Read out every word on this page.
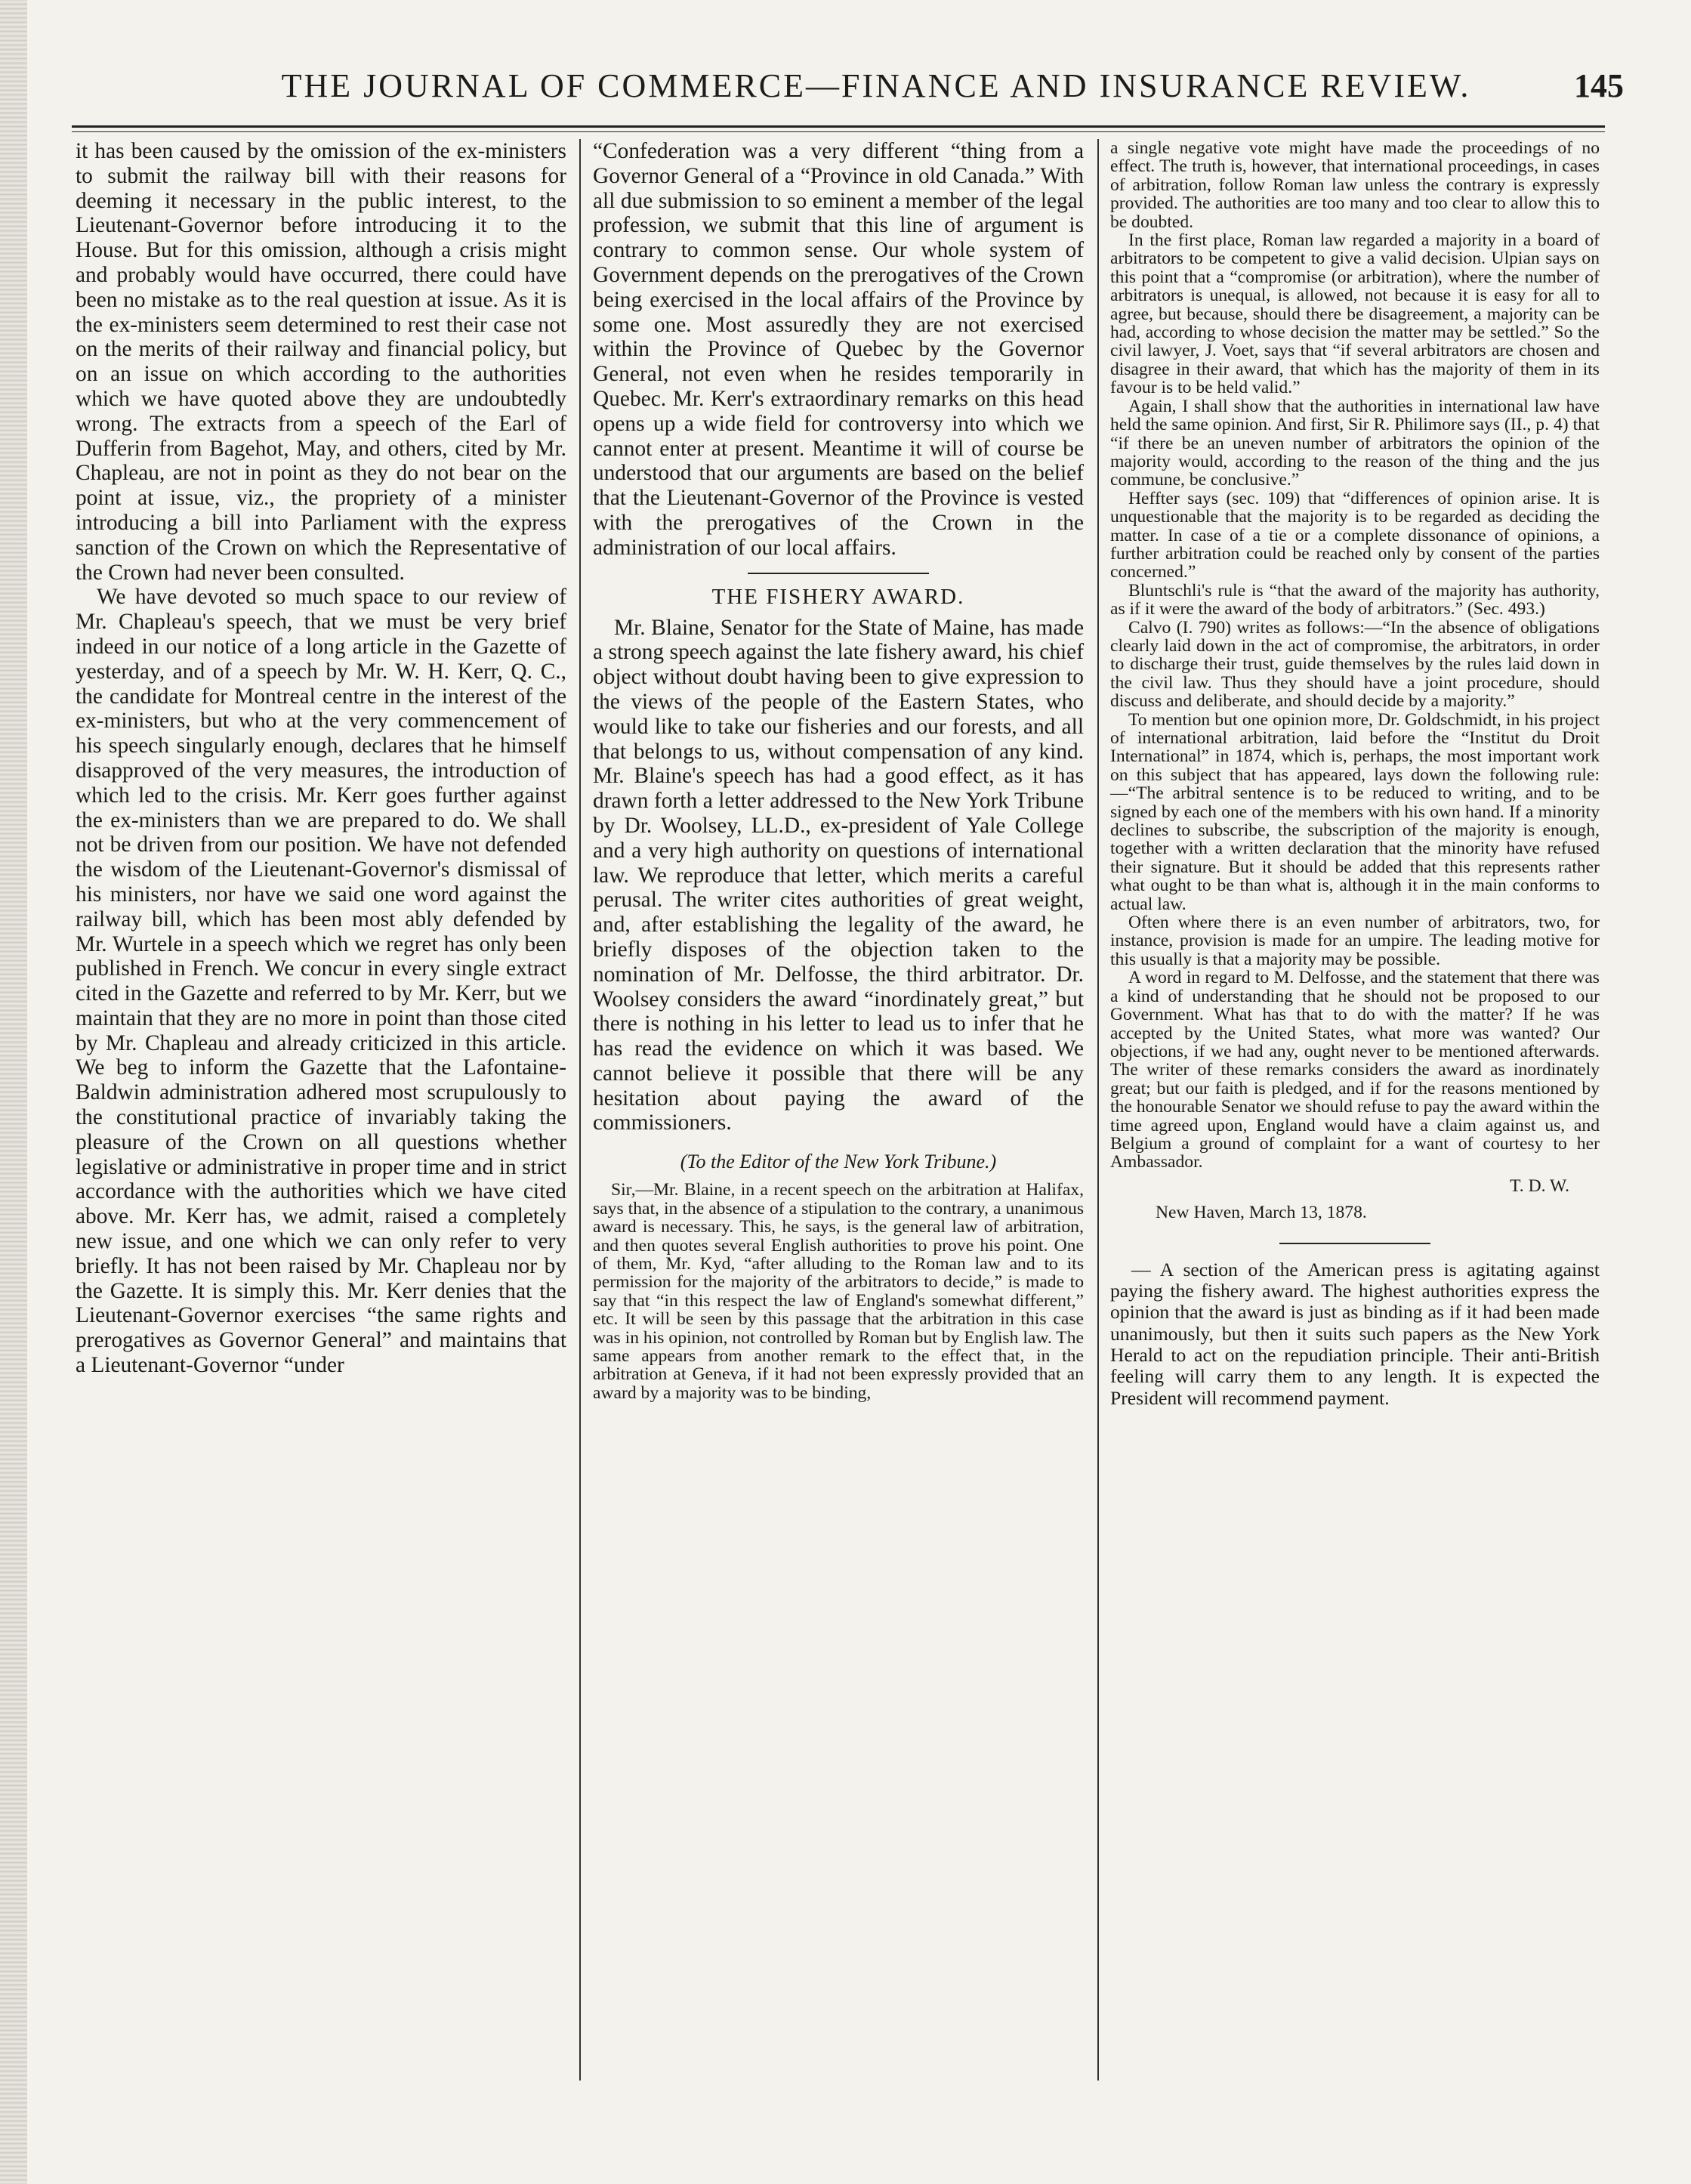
THE JOURNAL OF COMMERCE—FINANCE AND INSURANCE REVIEW.	145

it has been caused by the omission of the ex-ministers to submit the railway bill with their reasons for deeming it necessary in the public interest, to the Lieutenant-Governor before introducing it to the House. But for this omission, although a crisis might and probably would have occurred, there could have been no mistake as to the real question at issue. As it is the ex-ministers seem determined to rest their case not on the merits of their railway and financial policy, but on an issue on which according to the authorities which we have quoted above they are undoubtedly wrong. The extracts from a speech of the Earl of Dufferin from Bagehot, May, and others, cited by Mr. Chapleau, are not in point as they do not bear on the point at issue, viz., the propriety of a minister introducing a bill into Parliament with the express sanction of the Crown on which the Representative of the Crown had never been consulted.

We have devoted so much space to our review of Mr. Chapleau's speech, that we must be very brief indeed in our notice of a long article in the Gazette of yesterday, and of a speech by Mr. W. H. Kerr, Q. C., the candidate for Montreal centre in the interest of the ex-ministers, but who at the very commencement of his speech singularly enough, declares that he himself disapproved of the very measures, the introduction of which led to the crisis. Mr. Kerr goes further against the ex-ministers than we are prepared to do. We shall not be driven from our position. We have not defended the wisdom of the Lieutenant-Governor's dismissal of his ministers, nor have we said one word against the railway bill, which has been most ably defended by Mr. Wurtele in a speech which we regret has only been published in French. We concur in every single extract cited in the Gazette and referred to by Mr. Kerr, but we maintain that they are no more in point than those cited by Mr. Chapleau and already criticized in this article. We beg to inform the Gazette that the Lafontaine-Baldwin administration adhered most scrupulously to the constitutional practice of invariably taking the pleasure of the Crown on all questions whether legislative or administrative in proper time and in strict accordance with the authorities which we have cited above. Mr. Kerr has, we admit, raised a completely new issue, and one which we can only refer to very briefly. It has not been raised by Mr. Chapleau nor by the Gazette. It is simply this. Mr. Kerr denies that the Lieutenant-Governor exercises “the same rights and prerogatives as Governor General” and maintains that a Lieutenant-Governor “under

“Confederation was a very different “thing from a Governor General of a “Province in old Canada.” With all due submission to so eminent a member of the legal profession, we submit that this line of argument is contrary to common sense. Our whole system of Government depends on the prerogatives of the Crown being exercised in the local affairs of the Province by some one. Most assuredly they are not exercised within the Province of Quebec by the Governor General, not even when he resides temporarily in Quebec. Mr. Kerr's extraordinary remarks on this head opens up a wide field for controversy into which we cannot enter at present. Meantime it will of course be understood that our arguments are based on the belief that the Lieutenant-Governor of the Province is vested with the prerogatives of the Crown in the administration of our local affairs.

THE FISHERY AWARD.

Mr. Blaine, Senator for the State of Maine, has made a strong speech against the late fishery award, his chief object without doubt having been to give expression to the views of the people of the Eastern States, who would like to take our fisheries and our forests, and all that belongs to us, without compensation of any kind. Mr. Blaine's speech has had a good effect, as it has drawn forth a letter addressed to the New York Tribune by Dr. Woolsey, LL.D., ex-president of Yale College and a very high authority on questions of international law. We reproduce that letter, which merits a careful perusal. The writer cites authorities of great weight, and, after establishing the legality of the award, he briefly disposes of the objection taken to the nomination of Mr. Delfosse, the third arbitrator. Dr. Woolsey considers the award “inordinately great,” but there is nothing in his letter to lead us to infer that he has read the evidence on which it was based. We cannot believe it possible that there will be any hesitation about paying the award of the commissioners.

(To the Editor of the New York Tribune.)

Sir,—Mr. Blaine, in a recent speech on the arbitration at Halifax, says that, in the absence of a stipulation to the contrary, a unanimous award is necessary. This, he says, is the general law of arbitration, and then quotes several English authorities to prove his point. One of them, Mr. Kyd, “after alluding to the Roman law and to its permission for the majority of the arbitrators to decide,” is made to say that “in this respect the law of England's somewhat different,” etc. It will be seen by this passage that the arbitration in this case was in his opinion, not controlled by Roman but by English law. The same appears from another remark to the effect that, in the arbitration at Geneva, if it had not been expressly provided that an award by a majority was to be binding,

a single negative vote might have made the proceedings of no effect. The truth is, however, that international proceedings, in cases of arbitration, follow Roman law unless the contrary is expressly provided. The authorities are too many and too clear to allow this to be doubted.

In the first place, Roman law regarded a majority in a board of arbitrators to be competent to give a valid decision. Ulpian says on this point that a “compromise (or arbitration), where the number of arbitrators is unequal, is allowed, not because it is easy for all to agree, but because, should there be disagreement, a majority can be had, according to whose decision the matter may be settled.” So the civil lawyer, J. Voet, says that “if several arbitrators are chosen and disagree in their award, that which has the majority of them in its favour is to be held valid.”

Again, I shall show that the authorities in international law have held the same opinion. And first, Sir R. Philimore says (II., p. 4) that “if there be an uneven number of arbitrators the opinion of the majority would, according to the reason of the thing and the jus commune, be conclusive.”

Heffter says (sec. 109) that “differences of opinion arise. It is unquestionable that the majority is to be regarded as deciding the matter. In case of a tie or a complete dissonance of opinions, a further arbitration could be reached only by consent of the parties concerned.”

Bluntschli's rule is “that the award of the majority has authority, as if it were the award of the body of arbitrators.” (Sec. 493.)

Calvo (I. 790) writes as follows:—“In the absence of obligations clearly laid down in the act of compromise, the arbitrators, in order to discharge their trust, guide themselves by the rules laid down in the civil law. Thus they should have a joint procedure, should discuss and deliberate, and should decide by a majority.”

To mention but one opinion more, Dr. Goldschmidt, in his project of international arbitration, laid before the “Institut du Droit International” in 1874, which is, perhaps, the most important work on this subject that has appeared, lays down the following rule:—“The arbitral sentence is to be reduced to writing, and to be signed by each one of the members with his own hand. If a minority declines to subscribe, the subscription of the majority is enough, together with a written declaration that the minority have refused their signature. But it should be added that this represents rather what ought to be than what is, although it in the main conforms to actual law.

Often where there is an even number of arbitrators, two, for instance, provision is made for an umpire. The leading motive for this usually is that a majority may be possible.

A word in regard to M. Delfosse, and the statement that there was a kind of understanding that he should not be proposed to our Government. What has that to do with the matter? If he was accepted by the United States, what more was wanted? Our objections, if we had any, ought never to be mentioned afterwards. The writer of these remarks considers the award as inordinately great; but our faith is pledged, and if for the reasons mentioned by the honourable Senator we should refuse to pay the award within the time agreed upon, England would have a claim against us, and Belgium a ground of complaint for a want of courtesy to her Ambassador.

T. D. W.
New Haven, March 13, 1878.

— A section of the American press is agitating against paying the fishery award. The highest authorities express the opinion that the award is just as binding as if it had been made unanimously, but then it suits such papers as the New York Herald to act on the repudiation principle. Their anti-British feeling will carry them to any length. It is expected the President will recommend payment.
